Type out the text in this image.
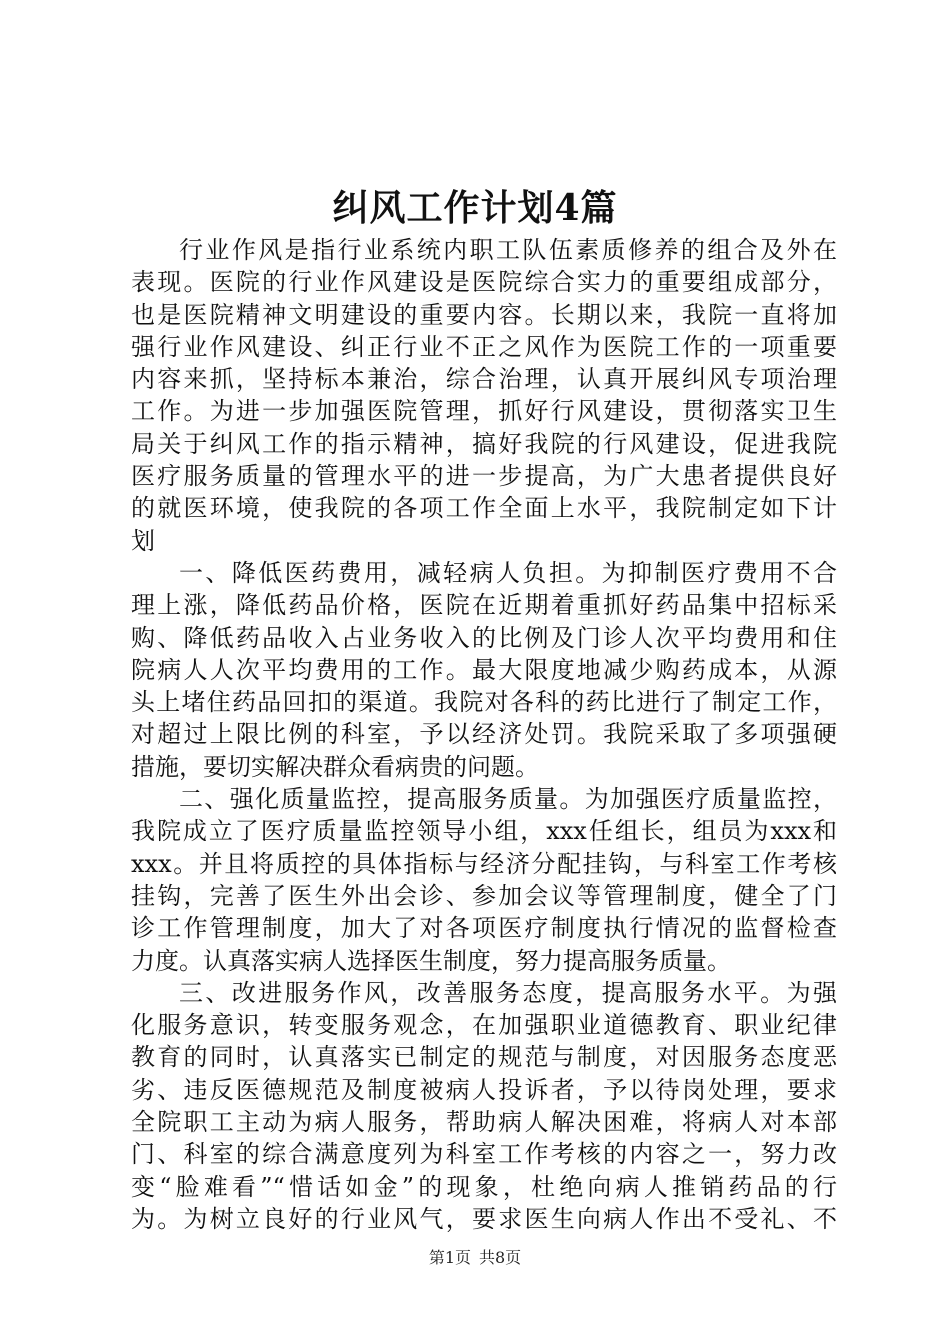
纠风工作计划4篇
行业作风是指行业系统内职工队伍素质修养的组合及外在
表现。医院的行业作风建设是医院综合实力的重要组成部分，
也是医院精神文明建设的重要内容。长期以来，我院一直将加
强行业作风建设、纠正行业不正之风作为医院工作的一项重要
内容来抓，坚持标本兼治，综合治理，认真开展纠风专项治理
工作。为进一步加强医院管理，抓好行风建设，贯彻落实卫生
局关于纠风工作的指示精神，搞好我院的行风建设，促进我院
医疗服务质量的管理水平的进一步提高，为广大患者提供良好
的就医环境，使我院的各项工作全面上水平，我院制定如下计
划
一、降低医药费用，减轻病人负担。为抑制医疗费用不合
理上涨，降低药品价格，医院在近期着重抓好药品集中招标采
购、降低药品收入占业务收入的比例及门诊人次平均费用和住
院病人人次平均费用的工作。最大限度地减少购药成本，从源
头上堵住药品回扣的渠道。我院对各科的药比进行了制定工作，
对超过上限比例的科室，予以经济处罚。我院采取了多项强硬
措施，要切实解决群众看病贵的问题。
二、强化质量监控，提高服务质量。为加强医疗质量监控，
我院成立了医疗质量监控领导小组，xxx任组长，组员为xxx和
xxx。并且将质控的具体指标与经济分配挂钩，与科室工作考核
挂钩，完善了医生外出会诊、参加会议等管理制度，健全了门
诊工作管理制度，加大了对各项医疗制度执行情况的监督检查
力度。认真落实病人选择医生制度，努力提高服务质量。
三、改进服务作风，改善服务态度，提高服务水平。为强
化服务意识，转变服务观念，在加强职业道德教育、职业纪律
教育的同时，认真落实已制定的规范与制度，对因服务态度恶
劣、违反医德规范及制度被病人投诉者，予以待岗处理，要求
全院职工主动为病人服务，帮助病人解决困难，将病人对本部
门、科室的综合满意度列为科室工作考核的内容之一，努力改
变“脸难看”“惜话如金”的现象，杜绝向病人推销药品的行
为。为树立良好的行业风气，要求医生向病人作出不受礼、不
第1页 共8页
